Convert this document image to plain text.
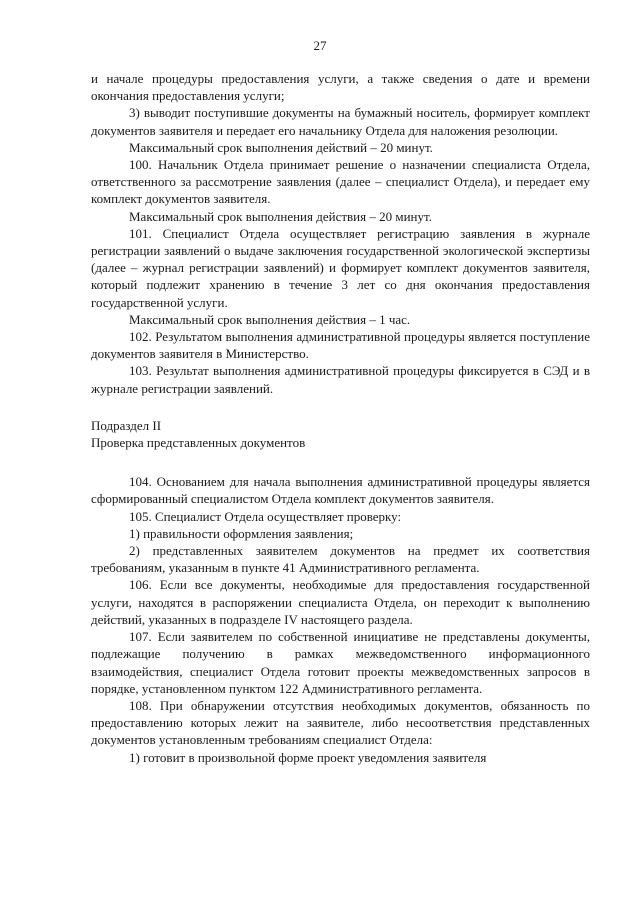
27

и начале процедуры предоставления услуги, а также сведения о дате и времени окончания предоставления услуги;

3) выводит поступившие документы на бумажный носитель, формирует комплект документов заявителя и передает его начальнику Отдела для наложения резолюции.

Максимальный срок выполнения действий – 20 минут.

100. Начальник Отдела принимает решение о назначении специалиста Отдела, ответственного за рассмотрение заявления (далее – специалист Отдела), и передает ему комплект документов заявителя.

Максимальный срок выполнения действия – 20 минут.

101. Специалист Отдела осуществляет регистрацию заявления в журнале регистрации заявлений о выдаче заключения государственной экологической экспертизы (далее – журнал регистрации заявлений) и формирует комплект документов заявителя, который подлежит хранению в течение 3 лет со дня окончания предоставления государственной услуги.

Максимальный срок выполнения действия – 1 час.

102. Результатом выполнения административной процедуры является поступление документов заявителя в Министерство.

103. Результат выполнения административной процедуры фиксируется в СЭД и в журнале регистрации заявлений.

Подраздел II

Проверка представленных документов

104. Основанием для начала выполнения административной процедуры является сформированный специалистом Отдела комплект документов заявителя.

105. Специалист Отдела осуществляет проверку:

1) правильности оформления заявления;

2) представленных заявителем документов на предмет их соответствия требованиям, указанным в пункте 41 Административного регламента.

106. Если все документы, необходимые для предоставления государственной услуги, находятся в распоряжении специалиста Отдела, он переходит к выполнению действий, указанных в подразделе IV настоящего раздела.

107. Если заявителем по собственной инициативе не представлены документы, подлежащие получению в рамках межведомственного информационного взаимодействия, специалист Отдела готовит проекты межведомственных запросов в порядке, установленном пунктом 122 Административного регламента.

108. При обнаружении отсутствия необходимых документов, обязанность по предоставлению которых лежит на заявителе, либо несоответствия представленных документов установленным требованиям специалист Отдела:

1) готовит в произвольной форме проект уведомления заявителя
